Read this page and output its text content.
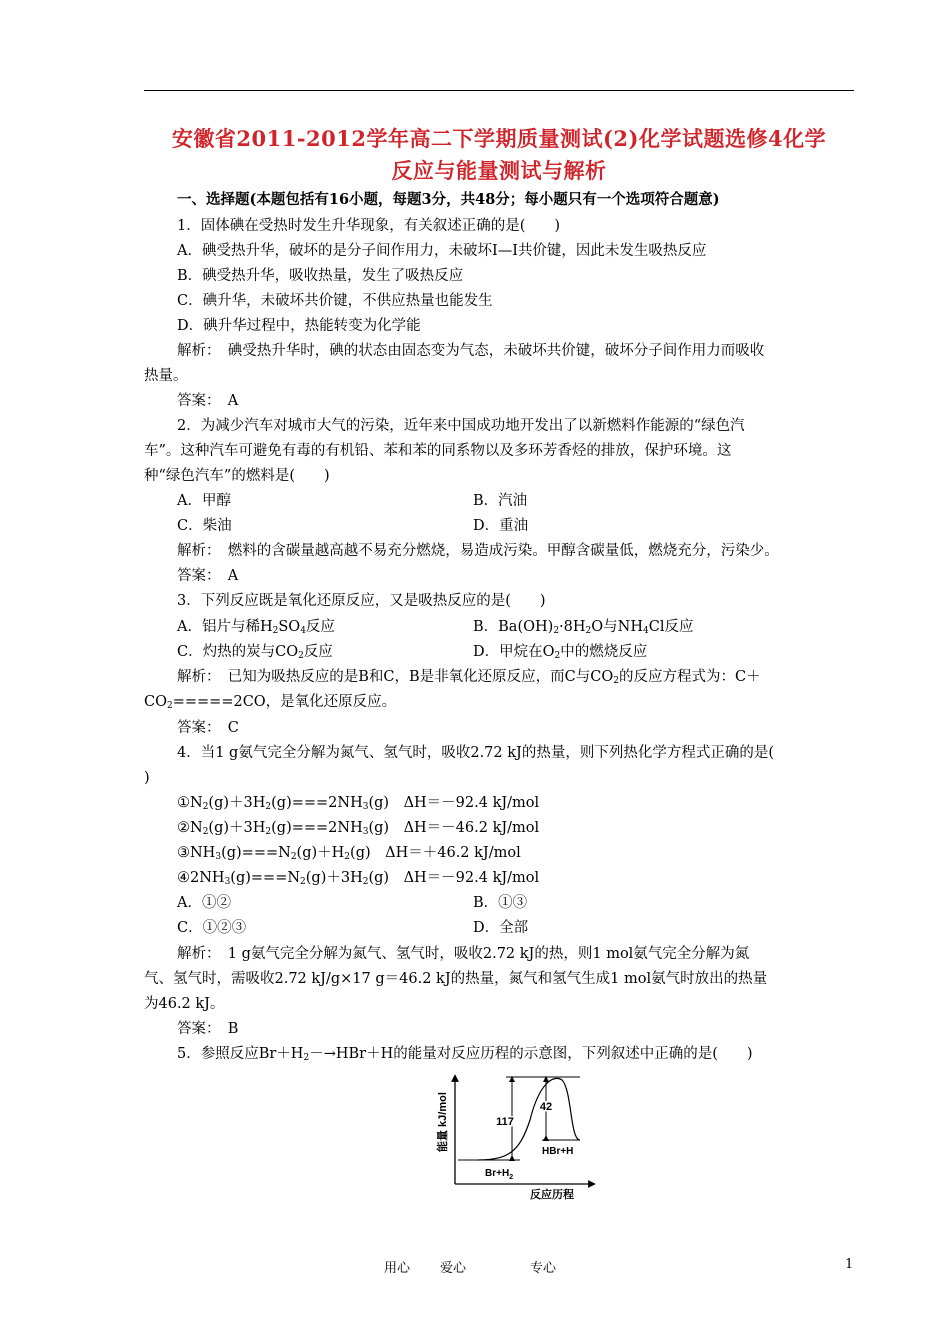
安徽省2011-2012学年高二下学期质量测试(2)化学试题选修4化学
反应与能量测试与解析
一、选择题(本题包括有16小题，每题3分，共48分；每小题只有一个选项符合题意)
1．固体碘在受热时发生升华现象，有关叙述正确的是(　　)
A．碘受热升华，破坏的是分子间作用力，未破坏Ⅰ—Ⅰ共价键，因此未发生吸热反应
B．碘受热升华，吸收热量，发生了吸热反应
C．碘升华，未破坏共价键，不供应热量也能发生
D．碘升华过程中，热能转变为化学能
解析：　碘受热升华时，碘的状态由固态变为气态，未破坏共价键，破坏分子间作用力而吸收
热量。
答案：　A
2．为减少汽车对城市大气的污染，近年来中国成功地开发出了以新燃料作能源的“绿色汽
车”。这种汽车可避免有毒的有机铅、苯和苯的同系物以及多环芳香烃的排放，保护环境。这
种“绿色汽车”的燃料是(　　)
A．甲醇	B．汽油
C．柴油	D．重油
解析：　燃料的含碳量越高越不易充分燃烧，易造成污染。甲醇含碳量低，燃烧充分，污染少。
答案：　A
3．下列反应既是氧化还原反应，又是吸热反应的是(　　)
A．铝片与稀$H_2SO_4$反应	B．$Ba(OH)_2\cdot 8H_2O$与$NH_4Cl$反应
C．灼热的炭与$CO_2$反应	D．甲烷在$O_2$中的燃烧反应
解析：　已知为吸热反应的是B和C，B是非氧化还原反应，而C与$CO_2$的反应方程式为：C＋
$CO_2=====2CO$，是氧化还原反应。
答案：　C
4．当1 g氨气完全分解为氮气、氢气时，吸收2.72 kJ的热量，则下列热化学方程式正确的是(
)
$①N_2(g)+3H_2(g)===2NH_3(g)$　ΔH＝－92.4 kJ/mol
$②N_2(g)+3H_2(g)===2NH_3(g)$　ΔH＝－46.2 kJ/mol
$③NH_3(g)===N_2(g)+H_2(g)$　ΔH＝＋46.2 kJ/mol
$④2NH_3(g)===N_2(g)+3H_2(g)$　ΔH＝－92.4 kJ/mol
A．①②	B．①③
C．①②③	D．全部
解析：　1 g氨气完全分解为氮气、氢气时，吸收2.72 kJ的热，则1 mol氨气完全分解为氮
气、氢气时，需吸收2.72 kJ/g×17 g＝46.2 kJ的热量，氮气和氢气生成1 mol氨气时放出的热量
为46.2 kJ。
答案：　B
5．参照反应$Br+H_2-\to HBr+H$的能量对反应历程的示意图，下列叙述中正确的是(　　)
能量 kJ/mol
反应历程
117
42
$Br+H_2$
HBr+H
用心 爱心	专心	1
